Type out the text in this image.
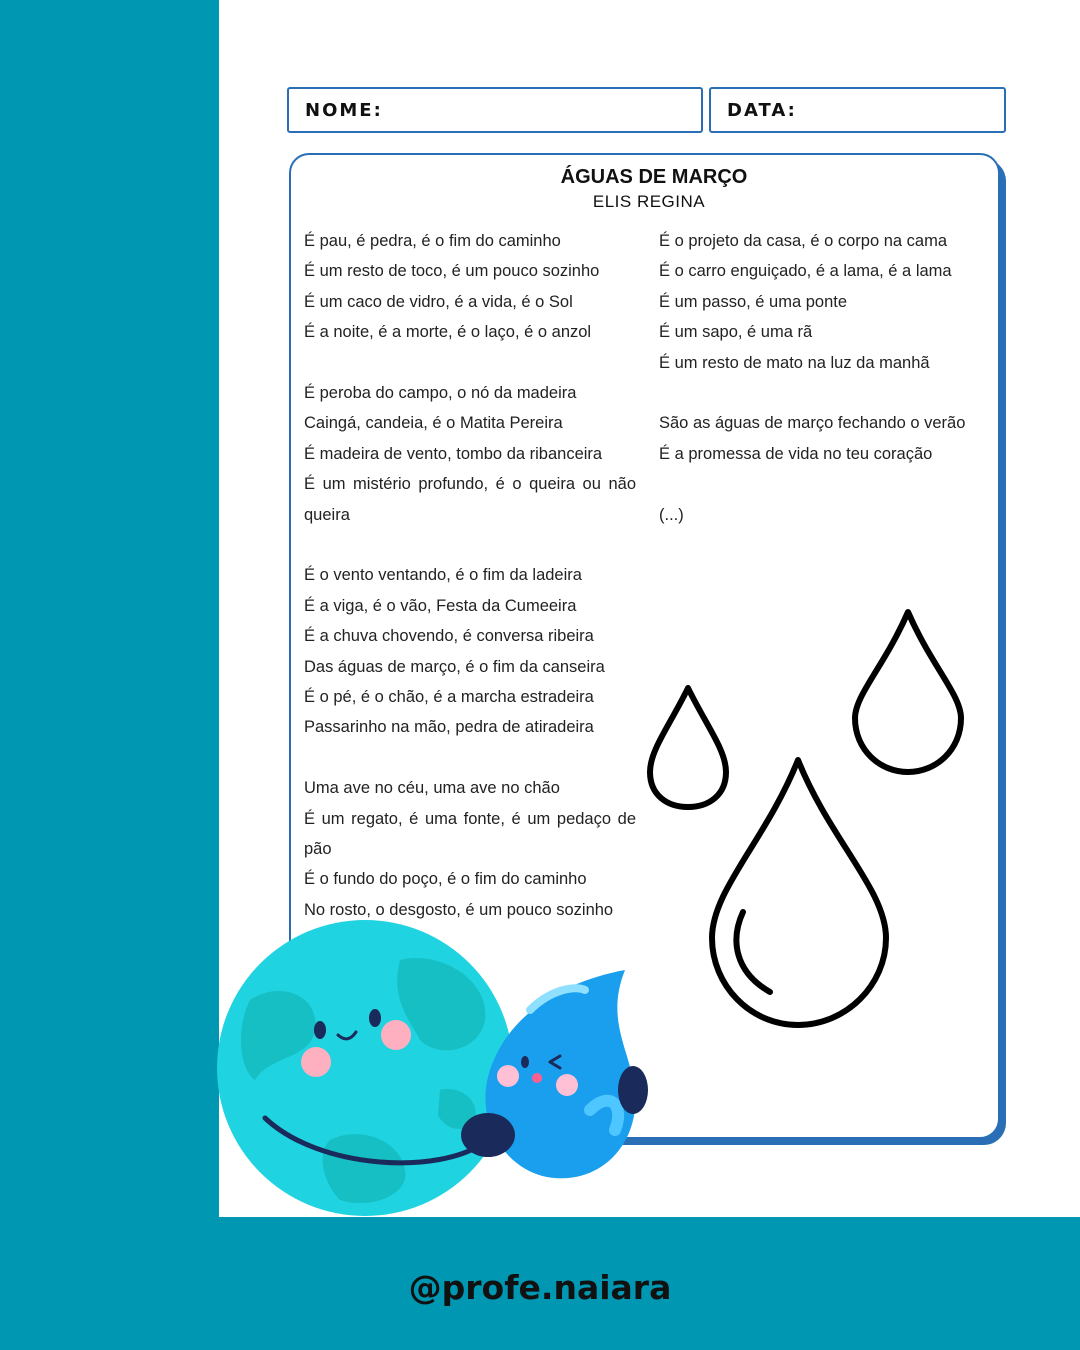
NOME:	DATA:
ÁGUAS DE MARÇO
ELIS REGINA
É pau, é pedra, é o fim do caminho
É um resto de toco, é um pouco sozinho
É um caco de vidro, é a vida, é o Sol
É a noite, é a morte, é o laço, é o anzol
É peroba do campo, o nó da madeira
Caingá, candeia, é o Matita Pereira
É madeira de vento, tombo da ribanceira
É um mistério profundo, é o queira ou não queira
É o vento ventando, é o fim da ladeira
É a viga, é o vão, Festa da Cumeeira
É a chuva chovendo, é conversa ribeira
Das águas de março, é o fim da canseira
É o pé, é o chão, é a marcha estradeira
Passarinho na mão, pedra de atiradeira
Uma ave no céu, uma ave no chão
É um regato, é uma fonte, é um pedaço de pão
É o fundo do poço, é o fim do caminho
No rosto, o desgosto, é um pouco sozinho
É o projeto da casa, é o corpo na cama
É o carro enguiçado, é a lama, é a lama
É um passo, é uma ponte
É um sapo, é uma rã
É um resto de mato na luz da manhã
São as águas de março fechando o verão
É a promessa de vida no teu coração
(...)
@profe.naiara
